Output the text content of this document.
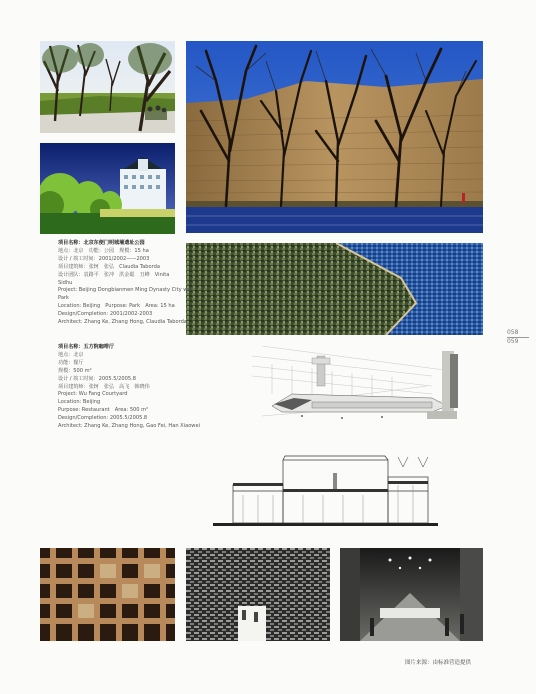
项目名称：北京东便门明城墙遗址公园
地点：北京　功能：公园　规模：15 ha
设计 / 竣工时间：2001/2002——2003
项目建筑师：张轲　张弘　Claudia Taborda
设计团队：袁路平　张冲　洪金聪　丑峰　Vinita
Sidhu
Project: Beijing Dongbianmen Ming Dynasty City wall
Park
Location: Beijing　Purpose: Park　Area: 15 ha
Design/Completion: 2001/2002-2003
Architect: Zhang Ke, Zhang Hong, Claudia Taborda
项目名称：五方院咖啡厅
地点：北京
功能：餐厅
规模：500 m²
设计 / 竣工时间：2005.5/2005.8
项目建筑师：张轲　张弘　高飞　韩晓伟
Project: Wu Fang Courtyard
Location: Beijing
Purpose: Restaurant　Area: 500 m²
Design/Completion: 2005.5/2005.8
Architect: Zhang Ke, Zhang Hong, Gao Fei, Han Xiaowei
058
059
图片来源：由标准营造提供
